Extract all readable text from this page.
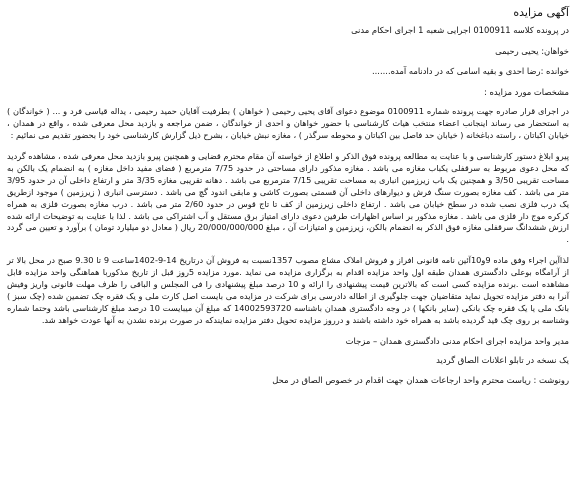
آگهی مزایده

در پرونده کلاسه 0100911 اجرایی شعبه 1 اجرای احکام مدنی

خواهان: یحیی رحیمی

خوانده :رضا احدی و بقیه اسامی که در دادنامه آمده.......

مشخصات مورد مزایده :

در اجرای قرار صادره جهت پرونده شماره 0100911 موضوع دعوای آقای یحیی رحیمی ( خواهان ) بطرفیت آقایان حمید رحیمی ، یداله قیاسی فرد و ... ( خواندگان ) به استحضار می رساند اینجانب اعضاء منتخب هیات کارشناسی با حضور خواهان و احدی از خواندگان ، ضمن مراجعه و بازدید محل معرفی شده ، واقع در همدان ، خیابان اکباتان ، راسته دباغخانه ( خیابان حد فاصل بین اکباتان و محوطه سرگذر ) ، مغازه نبش خیابان ، بشرح ذیل گزارش کارشناسی خود را بحضور تقدیم می نمائیم :

پیرو ابلاغ دستور کارشناسی و با عنایت به مطالعه پرونده فوق الذکر و اطلاع از خواسته آن مقام محترم قضایی و همچنین پیرو بازدید محل معرفی شده ، مشاهده گردید که محل دعوی مربوط به سرقفلی یکباب مغازه می باشد . مغازه مذکور دارای مساحتی در حدود 7/75 مترمربع ( فضای مفید داخل مغازه ) به انضمام یک بالکن به مساحت تقریبی 3/50 و همچنین یک باب زیرزمین انباری به مساحت تقریبی 7/15 مترمربع می باشد . دهانه تقریبی مغازه 3/35 متر و ارتفاع داخلی آن در حدود 3/95 متر می باشد . کف مغازه بصورت سنگ فرش و دیوارهای داخلی آن قسمتی بصورت کاشی و مابقی اندود گچ می باشد . دسترسی انباری ( زیرزمین ) موجود ازطریق یک درب فلزی نصب شده در سطح خیابان می باشد . ارتفاع داخلی زیرزمین از کف تا تاج قوس در حدود 2/60 متر می باشد . درب مغازه بصورت فلزی به همراه کرکره موج دار فلزی می باشد . مغازه مذکور بر اساس اظهارات طرفین دعوی دارای امتیاز برق مستقل و آب اشتراکی می باشد . لذا با عنایت به توضیحات ارائه شده ارزش ششدانگ سرقفلی مغازه فوق الذکر به انضمام بالکن، زیرزمین و امتیازات آن ، مبلغ 20/000/000/000 ریال ( معادل دو میلیارد تومان ) برآورد و تعیین می گردد .

لذاآین اجراء وفق ماده 9و10آئین نامه قانونی افراز و فروش املاک مشاع مصوب 1357نسبت به فروش آن درتاریخ 14-9-1402ساعت 9 تا 9.30 صبح در محل بالا تر از آرامگاه بوعلی دادگستری همدان طبقه اول واحد مزایده اقدام به برگزاری مزایده می نماید .مورد مزایده 5روز قبل از تاریخ مذکوربا هماهنگی واحد مزایده قابل مشاهده است .برنده مزایده کسی است که بالاترین قیمت پیشنهادی را ارائه و 10 درصد مبلغ پیشنهادی را فی المجلس و الباقی را ظرف مهلت قانونی واریز وفیش آنرا به دفتر مزایده تحویل نماید متقاضیان جهت جلوگیری از اطاله دادرسی برای شرکت در مزایده می بایست اصل کارت ملی و یک فقره چک تضمین شده (چک سبز ) بانک ملی یا یک فقره چک بانکی (سایر بانکها ) در وجه دادگستری همدان باشناسه 14002593720 که مبلغ آن میبایست 10 درصد مبلغ کارشناسی باشد وحتما شماره وشناسه بر روی چک قید گردیده باشد به همراه خود داشته باشند و درروز مزایده تحویل دفتر مزایده نمایندکه در صورت برنده نشدن به آنها عودت خواهد شد.

مدیر واحد مزایده اجرای احکام مدنی دادگستری همدان – مزجات

یک نسخه در تابلو اعلانات الصاق گردید

رونوشت : ریاست محترم واحد ارجاعات همدان جهت اقدام در خصوص الصاق در محل
